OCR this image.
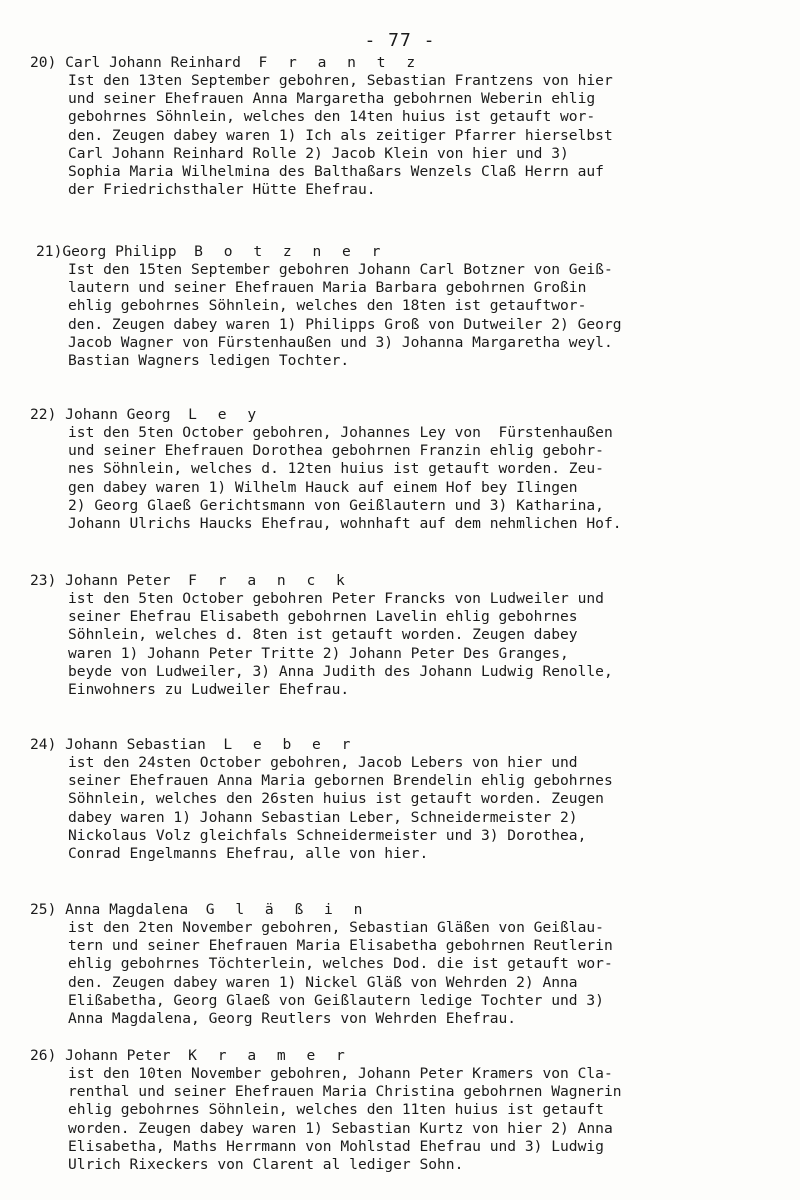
- 77 -
20) Carl Johann Reinhard F r a n t z
Ist den 13ten September gebohren, Sebastian Frantzens von hier
und seiner Ehefrauen Anna Margaretha gebohrnen Weberin ehlig
gebohrnes Söhnlein, welches den 14ten huius ist getauft wor-
den. Zeugen dabey waren 1) Ich als zeitiger Pfarrer hierselbst
Carl Johann Reinhard Rolle 2) Jacob Klein von hier und 3)
Sophia Maria Wilhelmina des Balthaßars Wenzels Claß Herrn auf
der Friedrichsthaler Hütte Ehefrau.
21)Georg Philipp B o t z n e r
Ist den 15ten September gebohren Johann Carl Botzner von Geiß-
lautern und seiner Ehefrauen Maria Barbara gebohrnen Großin
ehlig gebohrnes Söhnlein, welches den 18ten ist getauftwor-
den. Zeugen dabey waren 1) Philipps Groß von Dutweiler 2) Georg
Jacob Wagner von Fürstenhaußen und 3) Johanna Margaretha weyl.
Bastian Wagners ledigen Tochter.
22) Johann Georg L e y
ist den 5ten October gebohren, Johannes Ley von  Fürstenhaußen
und seiner Ehefrauen Dorothea gebohrnen Franzin ehlig gebohr-
nes Söhnlein, welches d. 12ten huius ist getauft worden. Zeu-
gen dabey waren 1) Wilhelm Hauck auf einem Hof bey Ilingen
2) Georg Glaeß Gerichtsmann von Geißlautern und 3) Katharina,
Johann Ulrichs Haucks Ehefrau, wohnhaft auf dem nehmlichen Hof.
23) Johann Peter F r a n c k
ist den 5ten October gebohren Peter Francks von Ludweiler und
seiner Ehefrau Elisabeth gebohrnen Lavelin ehlig gebohrnes
Söhnlein, welches d. 8ten ist getauft worden. Zeugen dabey
waren 1) Johann Peter Tritte 2) Johann Peter Des Granges,
beyde von Ludweiler, 3) Anna Judith des Johann Ludwig Renolle,
Einwohners zu Ludweiler Ehefrau.
24) Johann Sebastian L e b e r
ist den 24sten October gebohren, Jacob Lebers von hier und
seiner Ehefrauen Anna Maria gebornen Brendelin ehlig gebohrnes
Söhnlein, welches den 26sten huius ist getauft worden. Zeugen
dabey waren 1) Johann Sebastian Leber, Schneidermeister 2)
Nickolaus Volz gleichfals Schneidermeister und 3) Dorothea,
Conrad Engelmanns Ehefrau, alle von hier.
25) Anna Magdalena G l ä ß i n
ist den 2ten November gebohren, Sebastian Gläßen von Geißlau-
tern und seiner Ehefrauen Maria Elisabetha gebohrnen Reutlerin
ehlig gebohrnes Töchterlein, welches Dod. die ist getauft wor-
den. Zeugen dabey waren 1) Nickel Gläß von Wehrden 2) Anna
Elißabetha, Georg Glaeß von Geißlautern ledige Tochter und 3)
Anna Magdalena, Georg Reutlers von Wehrden Ehefrau.
26) Johann Peter K r a m e r
ist den 10ten November gebohren, Johann Peter Kramers von Cla-
renthal und seiner Ehefrauen Maria Christina gebohrnen Wagnerin
ehlig gebohrnes Söhnlein, welches den 11ten huius ist getauft
worden. Zeugen dabey waren 1) Sebastian Kurtz von hier 2) Anna
Elisabetha, Maths Herrmann von Mohlstad Ehefrau und 3) Ludwig
Ulrich Rixeckers von Clarent al lediger Sohn.
